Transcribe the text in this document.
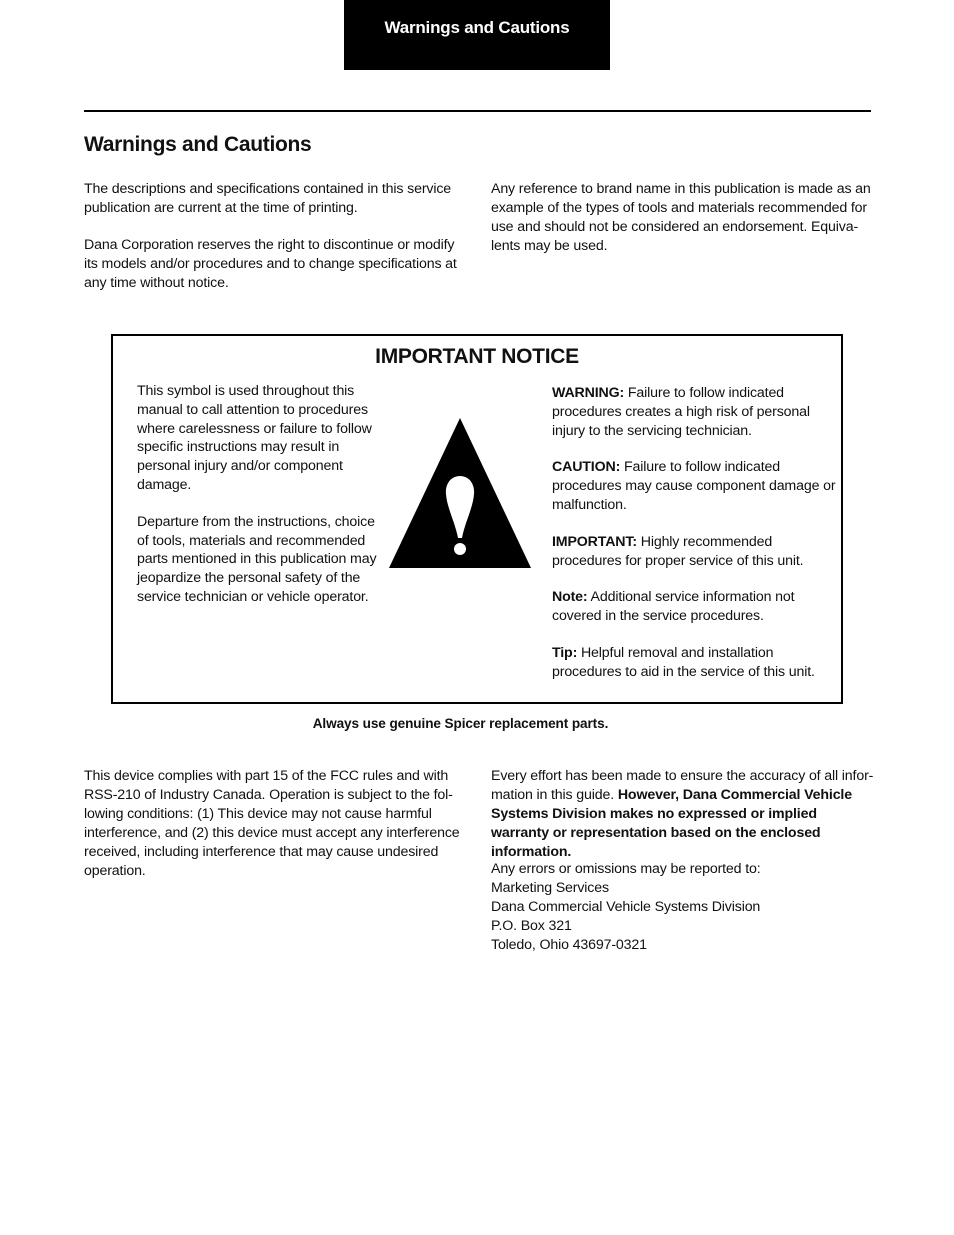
Warnings and Cautions
Warnings and Cautions

The descriptions and specifications contained in this service publication are current at the time of printing.

Dana Corporation reserves the right to discontinue or modify its models and/or procedures and to change specifications at any time without notice.

Any reference to brand name in this publication is made as an example of the types of tools and materials recommended for use and should not be considered an endorsement. Equiva-lents may be used.

IMPORTANT NOTICE

This symbol is used throughout this manual to call attention to procedures where carelessness or failure to follow specific instructions may result in personal injury and/or component damage.

Departure from the instructions, choice of tools, materials and recommended parts mentioned in this publication may jeopardize the personal safety of the service technician or vehicle operator.

WARNING: Failure to follow indicated procedures creates a high risk of personal injury to the servicing technician.

CAUTION: Failure to follow indicated procedures may cause component damage or malfunction.

IMPORTANT: Highly recommended procedures for proper service of this unit.

Note: Additional service information not covered in the service procedures.

Tip: Helpful removal and installation procedures to aid in the service of this unit.

Always use genuine Spicer replacement parts.

This device complies with part 15 of the FCC rules and with RSS-210 of Industry Canada. Operation is subject to the fol-lowing conditions: (1) This device may not cause harmful interference, and (2) this device must accept any interference received, including interference that may cause undesired operation.

Every effort has been made to ensure the accuracy of all infor-mation in this guide. However, Dana Commercial Vehicle Systems Division makes no expressed or implied warranty or representation based on the enclosed information.

Any errors or omissions may be reported to:
Marketing Services
Dana Commercial Vehicle Systems Division
P.O. Box 321
Toledo, Ohio 43697-0321
